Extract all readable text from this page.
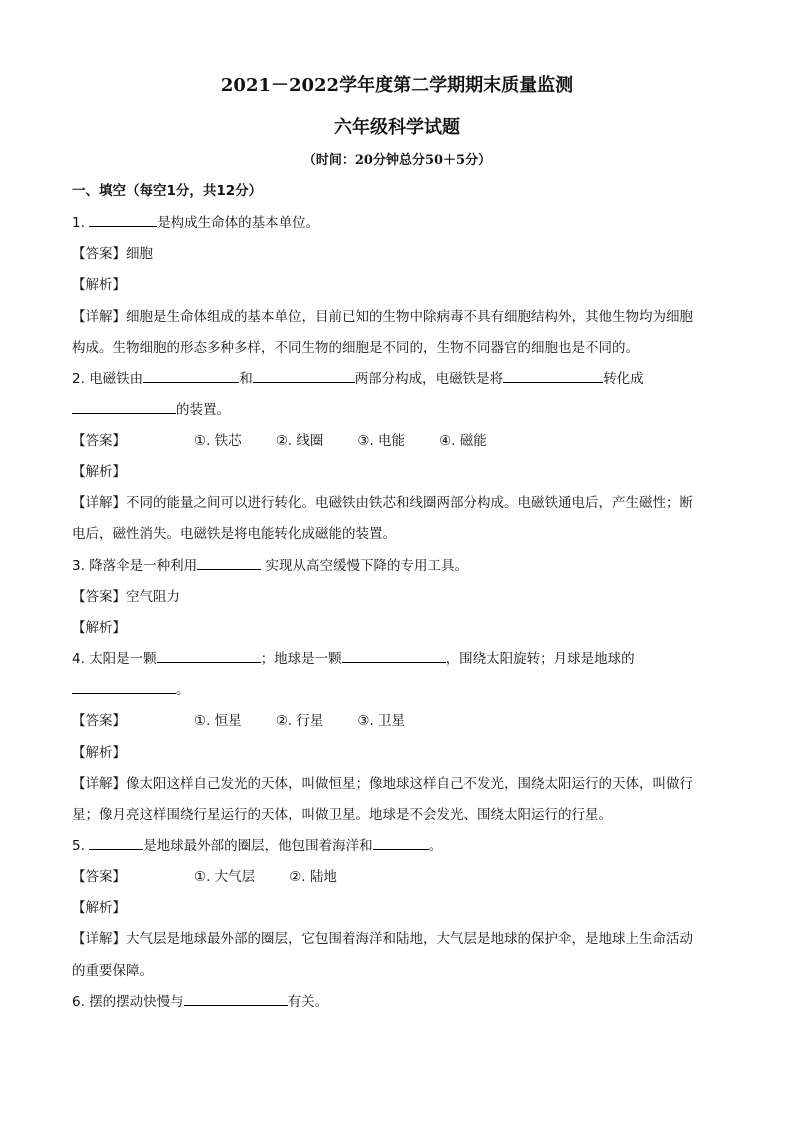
2021－2022学年度第二学期期末质量监测
六年级科学试题
（时间：20分钟总分50＋5分）
一、填空（每空1分，共12分）
1.	是构成生命体的基本单位。
【答案】细胞
【解析】
【详解】细胞是生命体组成的基本单位，目前已知的生物中除病毒不具有细胞结构外，其他生物均为细胞
构成。生物细胞的形态多种多样，不同生物的细胞是不同的，生物不同器官的细胞也是不同的。
2. 电磁铁由	和	两部分构成，电磁铁是将	转化成
的装置。
【答案】	①. 铁芯	②. 线圈	③. 电能	④. 磁能
【解析】
【详解】不同的能量之间可以进行转化。电磁铁由铁芯和线圈两部分构成。电磁铁通电后，产生磁性；断
电后，磁性消失。电磁铁是将电能转化成磁能的装置。
3. 降落伞是一种利用	实现从高空缓慢下降的专用工具。
【答案】空气阻力
【解析】
4. 太阳是一颗	；地球是一颗	，围绕太阳旋转；月球是地球的
。
【答案】	①. 恒星	②. 行星	③. 卫星
【解析】
【详解】像太阳这样自己发光的天体，叫做恒星；像地球这样自己不发光，围绕太阳运行的天体，叫做行
星；像月亮这样围绕行星运行的天体，叫做卫星。地球是不会发光、围绕太阳运行的行星。
5.	是地球最外部的圈层，他包围着海洋和	。
【答案】	①. 大气层	②. 陆地
【解析】
【详解】大气层是地球最外部的圈层，它包围着海洋和陆地，大气层是地球的保护伞，是地球上生命活动
的重要保障。
6. 摆的摆动快慢与	有关。
